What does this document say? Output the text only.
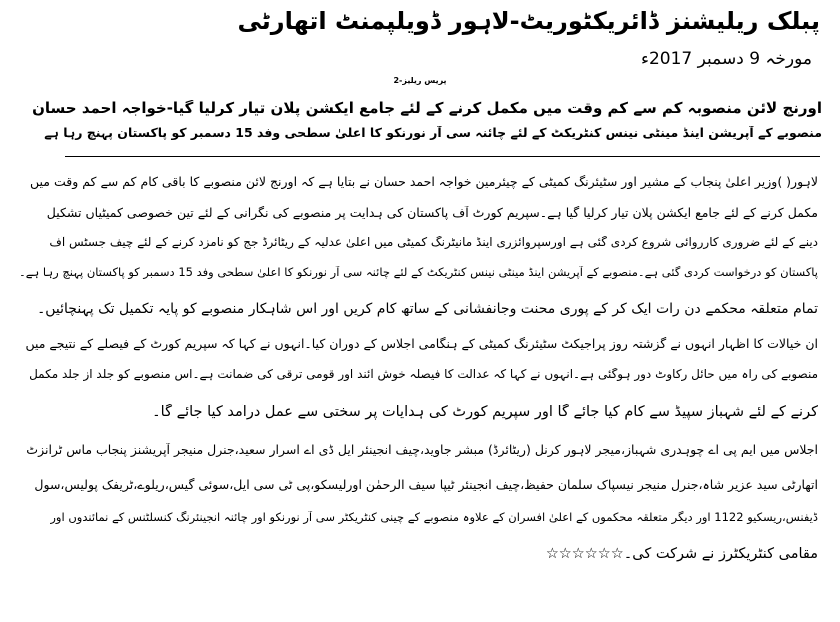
پبلک ریلیشنز ڈائریکٹوریٹ-لاہور ڈویلپمنٹ اتھارٹی
مورخہ 9 دسمبر 2017ء
پریس ریلیز-2
اورنج لائن منصوبہ کم سے کم وقت میں مکمل کرنے کے لئے جامع ایکشن پلان تیار کرلیا گیا-خواجہ احمد حسان
منصوبے کے آپریشن اینڈ مینٹی نینس کنٹریکٹ کے لئے چائنہ سی آر نورنکو کا اعلیٰ سطحی وفد 15 دسمبر کو پاکستان پہنچ رہا ہے
لاہور( )وزیر اعلیٰ پنجاب کے مشیر اور سٹیئرنگ کمیٹی کے چیئرمین خواجہ احمد حسان نے بتایا ہے کہ اورنج لائن منصوبے کا باقی کام کم سے کم وقت میں
مکمل کرنے کے لئے جامع ایکشن پلان تیار کرلیا گیا ہے۔سپریم کورٹ آف پاکستان کی ہدایت پر منصوبے کی نگرانی کے لئے تین خصوصی کمیٹیاں تشکیل
دینے کے لئے ضروری کارروائی شروع کردی گئی ہے اورسپروائزری اینڈ مانیٹرنگ کمیٹی میں اعلیٰ عدلیہ کے ریٹائرڈ جج کو نامزد کرنے کے لئے چیف جسٹس آف
پاکستان کو درخواست کردی گئی ہے۔منصوبے کے آپریشن اینڈ مینٹی نینس کنٹریکٹ کے لئے چائنہ سی آر نورنکو کا اعلیٰ سطحی وفد 15 دسمبر کو پاکستان پہنچ رہا ہے۔
تمام متعلقہ محکمے دن رات ایک کر کے پوری محنت وجانفشانی کے ساتھ کام کریں اور اس شاہکار منصوبے کو پایہ تکمیل تک پہنچائیں۔
ان خیالات کا اظہار انہوں نے گزشتہ روز پراجیکٹ سٹیئرنگ کمیٹی کے ہنگامی اجلاس کے دوران کیا۔انہوں نے کہا کہ سپریم کورٹ کے فیصلے کے نتیجے میں
منصوبے کی راہ میں حائل رکاوٹ دور ہوگئی ہے۔انہوں نے کہا کہ عدالت کا فیصلہ خوش آئند اور قومی ترقی کی ضمانت ہے۔اس منصوبے کو جلد از جلد مکمل
کرنے کے لئے شہباز سپیڈ سے کام کیا جائے گا اور سپریم کورٹ کی ہدایات پر سختی سے عمل درآمد کیا جائے گا۔
اجلاس میں ایم پی اے چوہدری شہباز،میجر لاہور کرنل (ریٹائرڈ) مبشر جاوید،چیف انجینئر ایل ڈی اے اسرار سعید،جنرل منیجر آپریشنز پنجاب ماس ٹرانزٹ
اتھارٹی سید عزیر شاہ،جنرل منیجر نیسپاک سلمان حفیظ،چیف انجینئر ٹیپا سیف الرحمٰن اورلیسکو،پی ٹی سی ایل،سوئی گیس،ریلوے،ٹریفک پولیس،سول
ڈیفنس،ریسکیو 1122 اور دیگر متعلقہ محکموں کے اعلیٰ افسران کے علاوہ منصوبے کے چینی کنٹریکٹر سی آر نورنکو اور چائنہ انجینئرنگ کنسلٹنس کے نمائندوں اور
مقامی کنٹریکٹرز نے شرکت کی۔☆☆☆☆☆☆
